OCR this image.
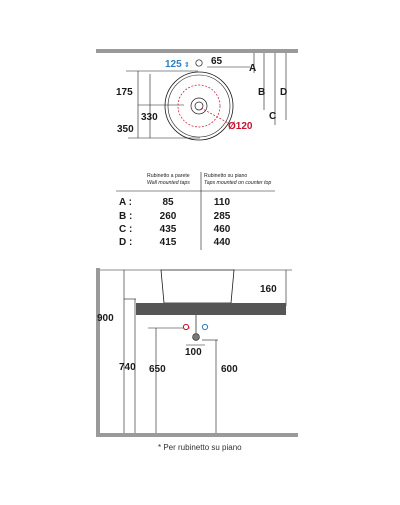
A
B
C
D
125 ⇕ 65
175
330
350	Ø120
Rubinetto a parete
Wall mounted taps
Rubinetto su piano
Taps mounted on counter top
A :	85	110
B :	260	285
C :	435	460
D :	415	440
160
900
740 650
100
600
* Per rubinetto su piano
